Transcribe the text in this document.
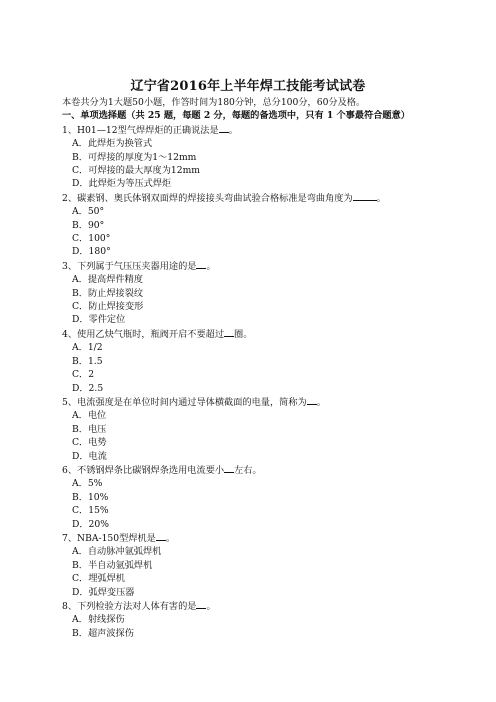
辽宁省2016年上半年焊工技能考试试卷
本卷共分为1大题50小题，作答时间为180分钟，总分100分，60分及格。
一、单项选择题（共 25 题，每题 2 分，每题的备选项中，只有 1 个事最符合题意）
1、H01—12型气焊焊炬的正确说法是 。
A．此焊炬为换管式
B．可焊接的厚度为1～12mm
C．可焊接的最大厚度为12mm
D．此焊炬为等压式焊炬
2、碳素钢、奥氏体钢双面焊的焊接接头弯曲试验合格标准是弯曲角度为	。
A．50°
B．90°
C．100°
D．180°
3、下列属于气压压夹器用途的是 。
A．提高焊件精度
B．防止焊接裂纹
C．防止焊接变形
D．零件定位
4、使用乙炔气瓶时，瓶阀开启不要超过 圈。
A．1/2
B．1.5
C．2
D．2.5
5、电流强度是在单位时间内通过导体横截面的电量，简称为 。
A．电位
B．电压
C．电势
D．电流
6、不锈钢焊条比碳钢焊条选用电流要小 左右。
A．5%
B．10%
C．15%
D．20%
7、NBA-150型焊机是 。
A．自动脉冲氩弧焊机
B．半自动氩弧焊机
C．埋弧焊机
D．弧焊变压器
8、下列检验方法对人体有害的是 。
A．射线探伤
B．超声波探伤
